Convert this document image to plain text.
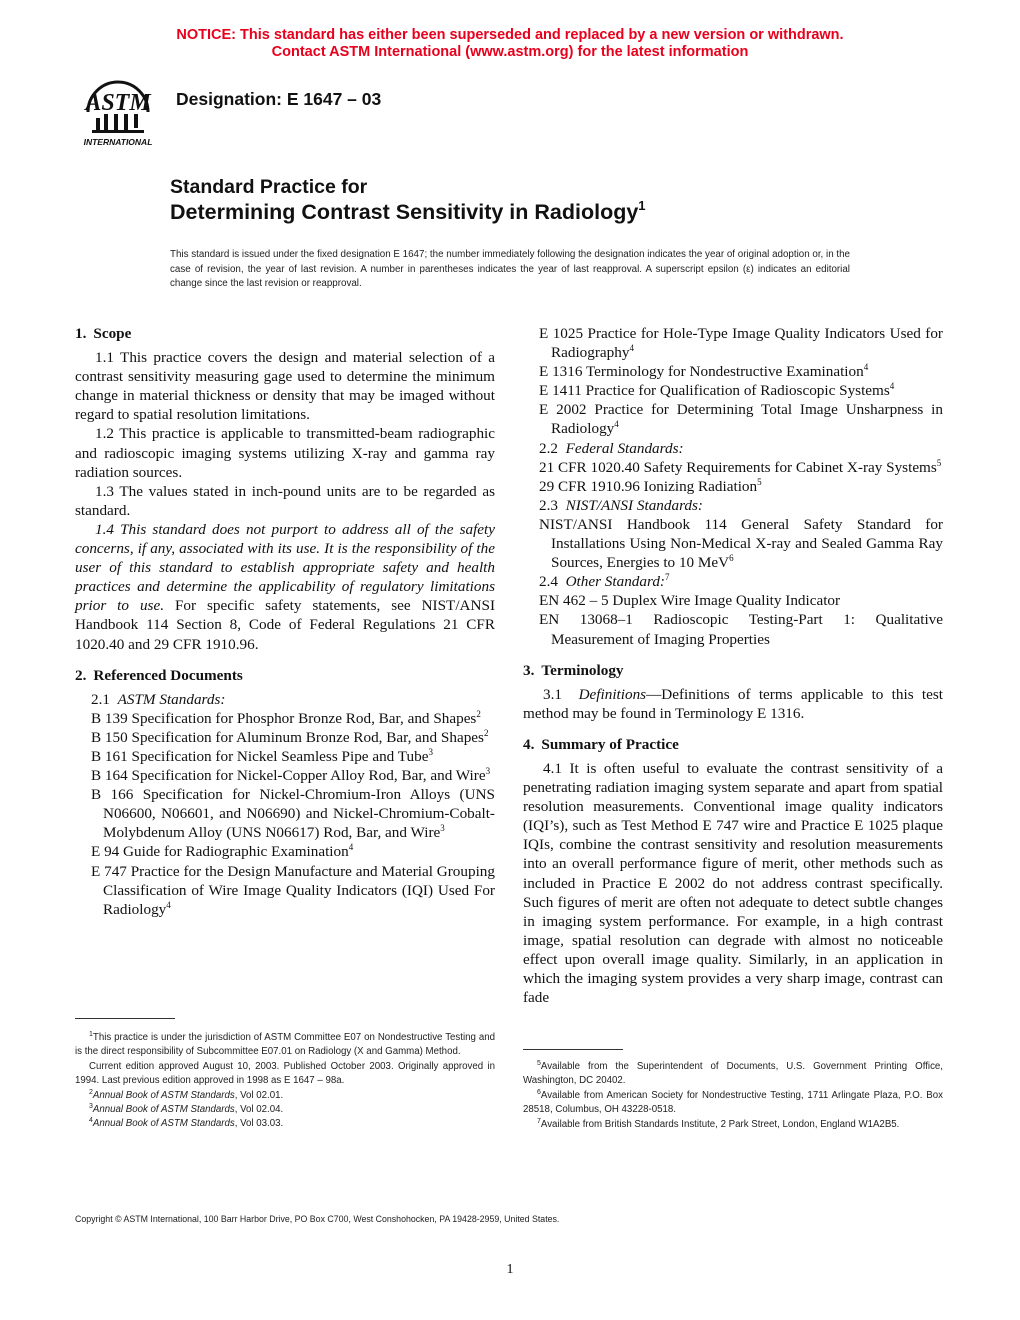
NOTICE: This standard has either been superseded and replaced by a new version or withdrawn.
Contact ASTM International (www.astm.org) for the latest information
ASTM
INTERNATIONAL
Designation: E 1647 – 03
Standard Practice for
Determining Contrast Sensitivity in Radiology$^1$
This standard is issued under the fixed designation E 1647; the number immediately following the designation indicates the year of original adoption or, in the case of revision, the year of last revision. A number in parentheses indicates the year of last reapproval. A superscript epsilon (ε) indicates an editorial change since the last revision or reapproval.
1. Scope
1.1 This practice covers the design and material selection of a contrast sensitivity measuring gage used to determine the minimum change in material thickness or density that may be imaged without regard to spatial resolution limitations.
1.2 This practice is applicable to transmitted-beam radiographic and radioscopic imaging systems utilizing X-ray and gamma ray radiation sources.
1.3 The values stated in inch-pound units are to be regarded as standard.
1.4 This standard does not purport to address all of the safety concerns, if any, associated with its use. It is the responsibility of the user of this standard to establish appropriate safety and health practices and determine the applicability of regulatory limitations prior to use. For specific safety statements, see NIST/ANSI Handbook 114 Section 8, Code of Federal Regulations 21 CFR 1020.40 and 29 CFR 1910.96.
2. Referenced Documents
2.1 ASTM Standards:
B 139 Specification for Phosphor Bronze Rod, Bar, and Shapes$^2$
B 150 Specification for Aluminum Bronze Rod, Bar, and Shapes$^2$
B 161 Specification for Nickel Seamless Pipe and Tube$^3$
B 164 Specification for Nickel-Copper Alloy Rod, Bar, and Wire$^3$
B 166 Specification for Nickel-Chromium-Iron Alloys (UNS N06600, N06601, and N06690) and Nickel-Chromium-Cobalt-Molybdenum Alloy (UNS N06617) Rod, Bar, and Wire$^3$
E 94 Guide for Radiographic Examination$^4$
E 747 Practice for the Design Manufacture and Material Grouping Classification of Wire Image Quality Indicators (IQI) Used For Radiology$^4$
E 1025 Practice for Hole-Type Image Quality Indicators Used for Radiography$^4$
E 1316 Terminology for Nondestructive Examination$^4$
E 1411 Practice for Qualification of Radioscopic Systems$^4$
E 2002 Practice for Determining Total Image Unsharpness in Radiology$^4$
2.2 Federal Standards:
21 CFR 1020.40 Safety Requirements for Cabinet X-ray Systems$^5$
29 CFR 1910.96 Ionizing Radiation$^5$
2.3 NIST/ANSI Standards:
NIST/ANSI Handbook 114 General Safety Standard for Installations Using Non-Medical X-ray and Sealed Gamma Ray Sources, Energies to 10 MeV$^6$
2.4 Other Standard:$^7$
EN 462 – 5 Duplex Wire Image Quality Indicator
EN 13068–1 Radioscopic Testing-Part 1: Qualitative Measurement of Imaging Properties
3. Terminology
3.1 Definitions—Definitions of terms applicable to this test method may be found in Terminology E 1316.
4. Summary of Practice
4.1 It is often useful to evaluate the contrast sensitivity of a penetrating radiation imaging system separate and apart from spatial resolution measurements. Conventional image quality indicators (IQI’s), such as Test Method E 747 wire and Practice E 1025 plaque IQIs, combine the contrast sensitivity and resolution measurements into an overall performance figure of merit, other methods such as included in Practice E 2002 do not address contrast specifically. Such figures of merit are often not adequate to detect subtle changes in imaging system performance. For example, in a high contrast image, spatial resolution can degrade with almost no noticeable effect upon overall image quality. Similarly, in an application in which the imaging system provides a very sharp image, contrast can fade
$^1$This practice is under the jurisdiction of ASTM Committee E07 on Nondestructive Testing and is the direct responsibility of Subcommittee E07.01 on Radiology (X and Gamma) Method.
Current edition approved August 10, 2003. Published October 2003. Originally approved in 1994. Last previous edition approved in 1998 as E 1647 – 98a.
$^2$Annual Book of ASTM Standards, Vol 02.01.
$^3$Annual Book of ASTM Standards, Vol 02.04.
$^4$Annual Book of ASTM Standards, Vol 03.03.
$^5$Available from the Superintendent of Documents, U.S. Government Printing Office, Washington, DC 20402.
$^6$Available from American Society for Nondestructive Testing, 1711 Arlingate Plaza, P.O. Box 28518, Columbus, OH 43228-0518.
$^7$Available from British Standards Institute, 2 Park Street, London, England W1A2B5.
Copyright © ASTM International, 100 Barr Harbor Drive, PO Box C700, West Conshohocken, PA 19428-2959, United States.
1
